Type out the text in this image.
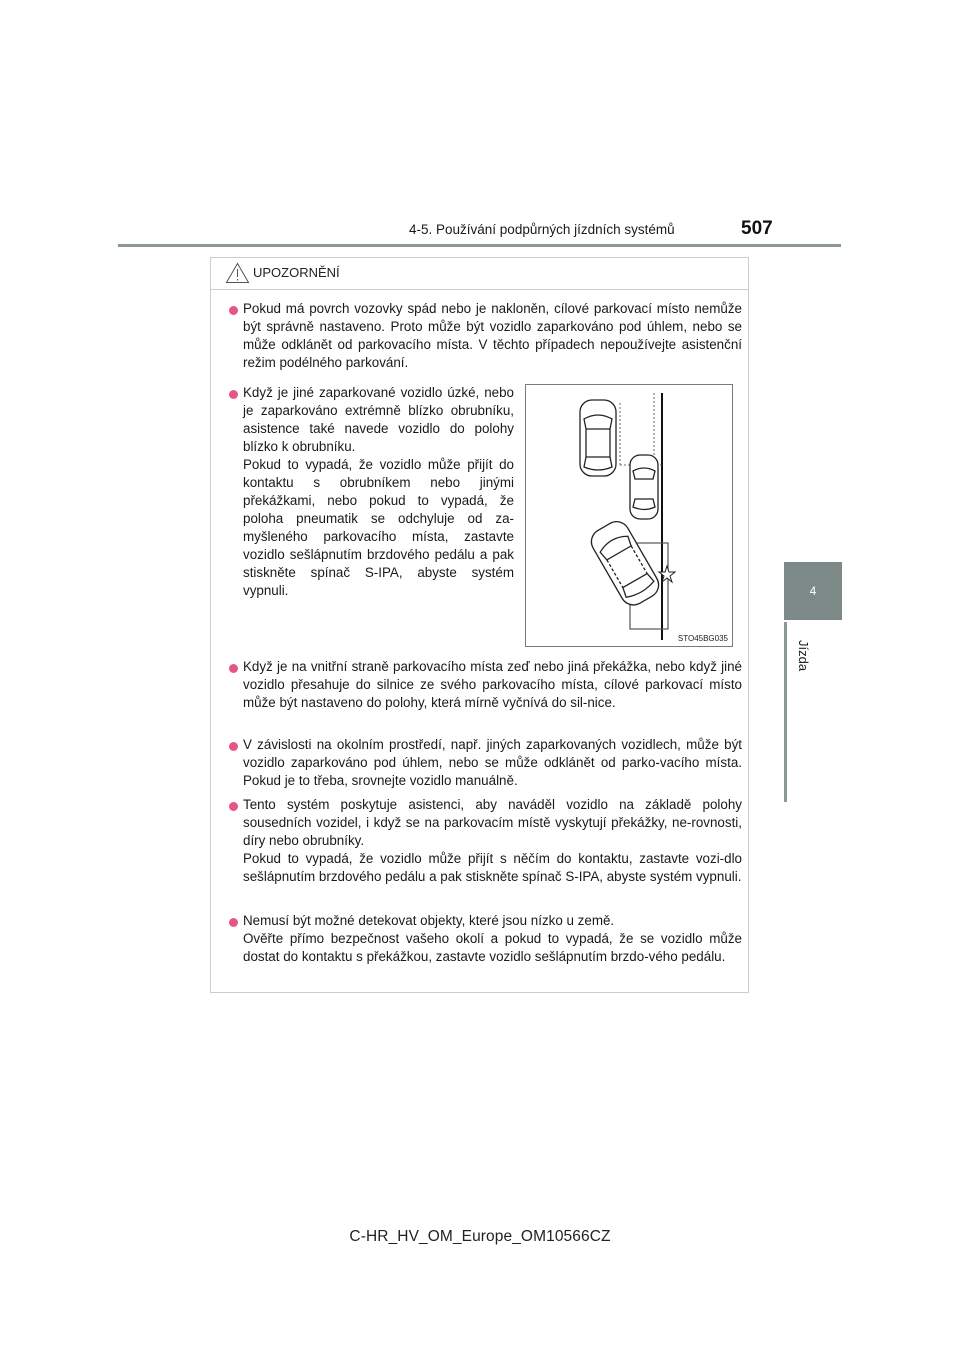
4-5. Používání podpůrných jízdních systémů	507
4
Jízda
UPOZORNĚNÍ

Pokud má povrch vozovky spád nebo je nakloněn, cílové parkovací místo nemůže být správně nastaveno. Proto může být vozidlo zaparkováno pod úhlem, nebo se může odklánět od parkovacího místa. V těchto případech nepoužívejte asistenční režim podélného parkování.

Když je jiné zaparkované vozidlo úzké, nebo je zaparkováno extrémně blízko obrubníku, asistence také navede vozidlo do polohy blízko k obrubníku.

Pokud to vypadá, že vozidlo může přijít do kontaktu s obrubníkem nebo jinými překážkami, nebo pokud to vypadá, že poloha pneumatik se odchyluje od za-myšleného parkovacího místa, zastavte vozidlo sešlápnutím brzdového pedálu a pak stiskněte spínač S-IPA, abyste systém vypnuli.

STO45BG035

Když je na vnitřní straně parkovacího místa zeď nebo jiná překážka, nebo když jiné vozidlo přesahuje do silnice ze svého parkovacího místa, cílové parkovací místo může být nastaveno do polohy, která mírně vyčnívá do sil-nice.

V závislosti na okolním prostředí, např. jiných zaparkovaných vozidlech, může být vozidlo zaparkováno pod úhlem, nebo se může odklánět od parko-vacího místa. Pokud je to třeba, srovnejte vozidlo manuálně.

Tento systém poskytuje asistenci, aby naváděl vozidlo na základě polohy sousedních vozidel, i když se na parkovacím místě vyskytují překážky, ne-rovnosti, díry nebo obrubníky.

Pokud to vypadá, že vozidlo může přijít s něčím do kontaktu, zastavte vozi-dlo sešlápnutím brzdového pedálu a pak stiskněte spínač S-IPA, abyste systém vypnuli.

Nemusí být možné detekovat objekty, které jsou nízko u země.

Ověřte přímo bezpečnost vašeho okolí a pokud to vypadá, že se vozidlo může dostat do kontaktu s překážkou, zastavte vozidlo sešlápnutím brzdo-vého pedálu.

C-HR_HV_OM_Europe_OM10566CZ
